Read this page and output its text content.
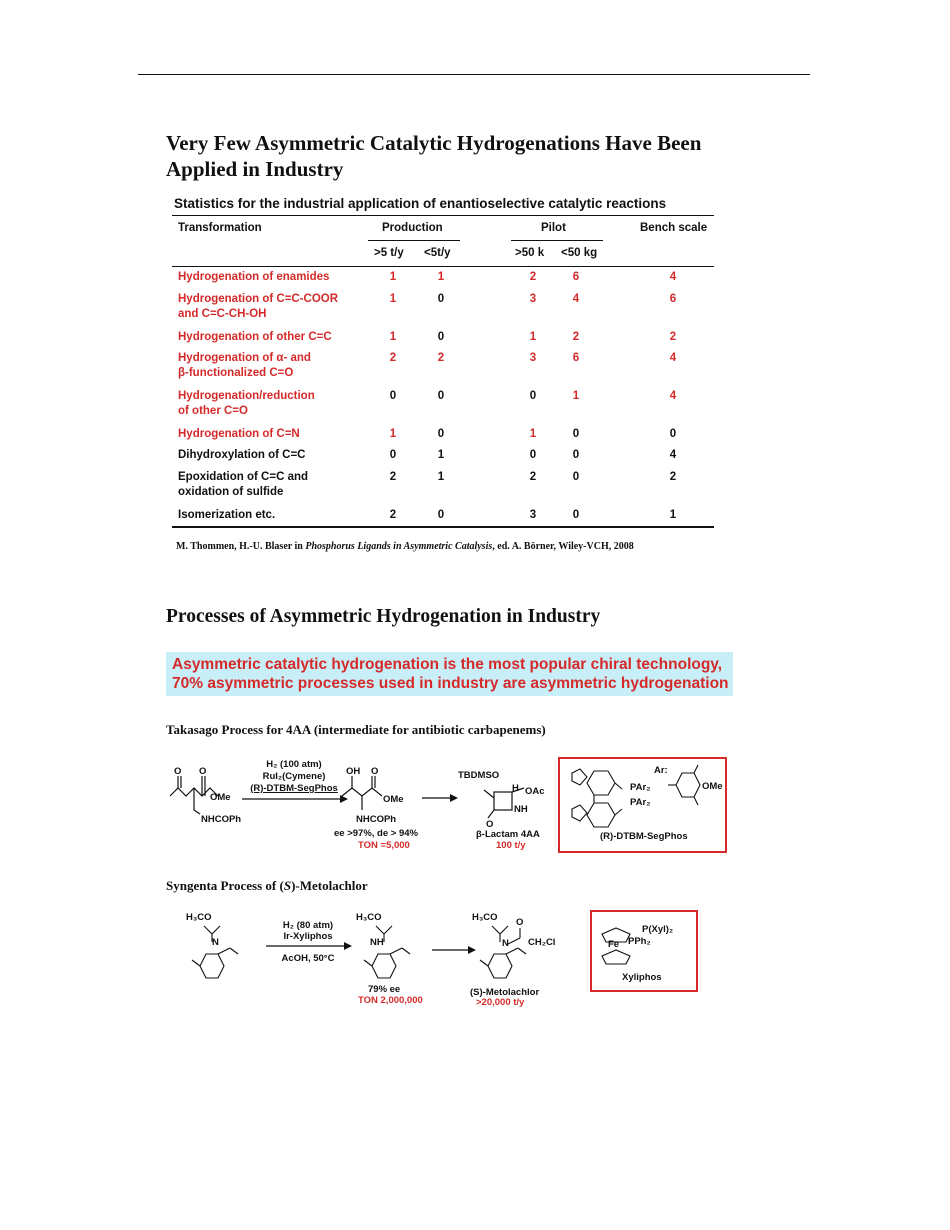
Very Few Asymmetric Catalytic Hydrogenations Have Been
Applied in Industry
Statistics for the industrial application of enantioselective catalytic reactions
Transformation	Production	Pilot	Bench scale
>5 t/y <5t/y	>50 k <50 kg
Hydrogenation of enamides	1	1	2	6	4
Hydrogenation of C=C-COOR
and C=C-CH-OH
1	0	3	4	6
Hydrogenation of other C=C	1	0	1	2	2
Hydrogenation of α- and
β-functionalized C=O
2	2	3	6	4
Hydrogenation/reduction
of other C=O
0	0	0	1	4
Hydrogenation of C=N	1	0	1	0	0
Dihydroxylation of C=C	0	1	0	0	4
Epoxidation of C=C and
oxidation of sulfide
2	1	2	0	2
Isomerization etc.	2	0	3	0	1
M. Thommen, H.-U. Blaser in Phosphorus Ligands in Asymmetric Catalysis, ed. A. Börner, Wiley-VCH, 2008
Processes of Asymmetric Hydrogenation in Industry
Asymmetric catalytic hydrogenation is the most popular chiral technology,
70% asymmetric processes used in industry are asymmetric hydrogenation
Takasago Process for 4AA (intermediate for antibiotic carbapenems)
O O
OMe
NHCOPh
H₂ (100 atm)
RuI₂(Cymene)
(R)-DTBM-SegPhos
OH O
OMe
NHCOPh
ee >97%, de > 94%
TON =5,000
TBDMSO
H OAc
NH
O
β-Lactam 4AA
100 t/y
PAr₂
PAr₂
Ar:
OMe
(R)-DTBM-SegPhos
Syngenta Process of (S)-Metolachlor
H₃CO
N
H₂ (80 atm)
Ir-Xyliphos
AcOH, 50°C
H₃CO
NH
79% ee
TON 2,000,000
H₃CO O
N CH₂Cl
(S)-Metolachlor
>20,000 t/y
Fe
P(Xyl)₂
PPh₂
Xyliphos
